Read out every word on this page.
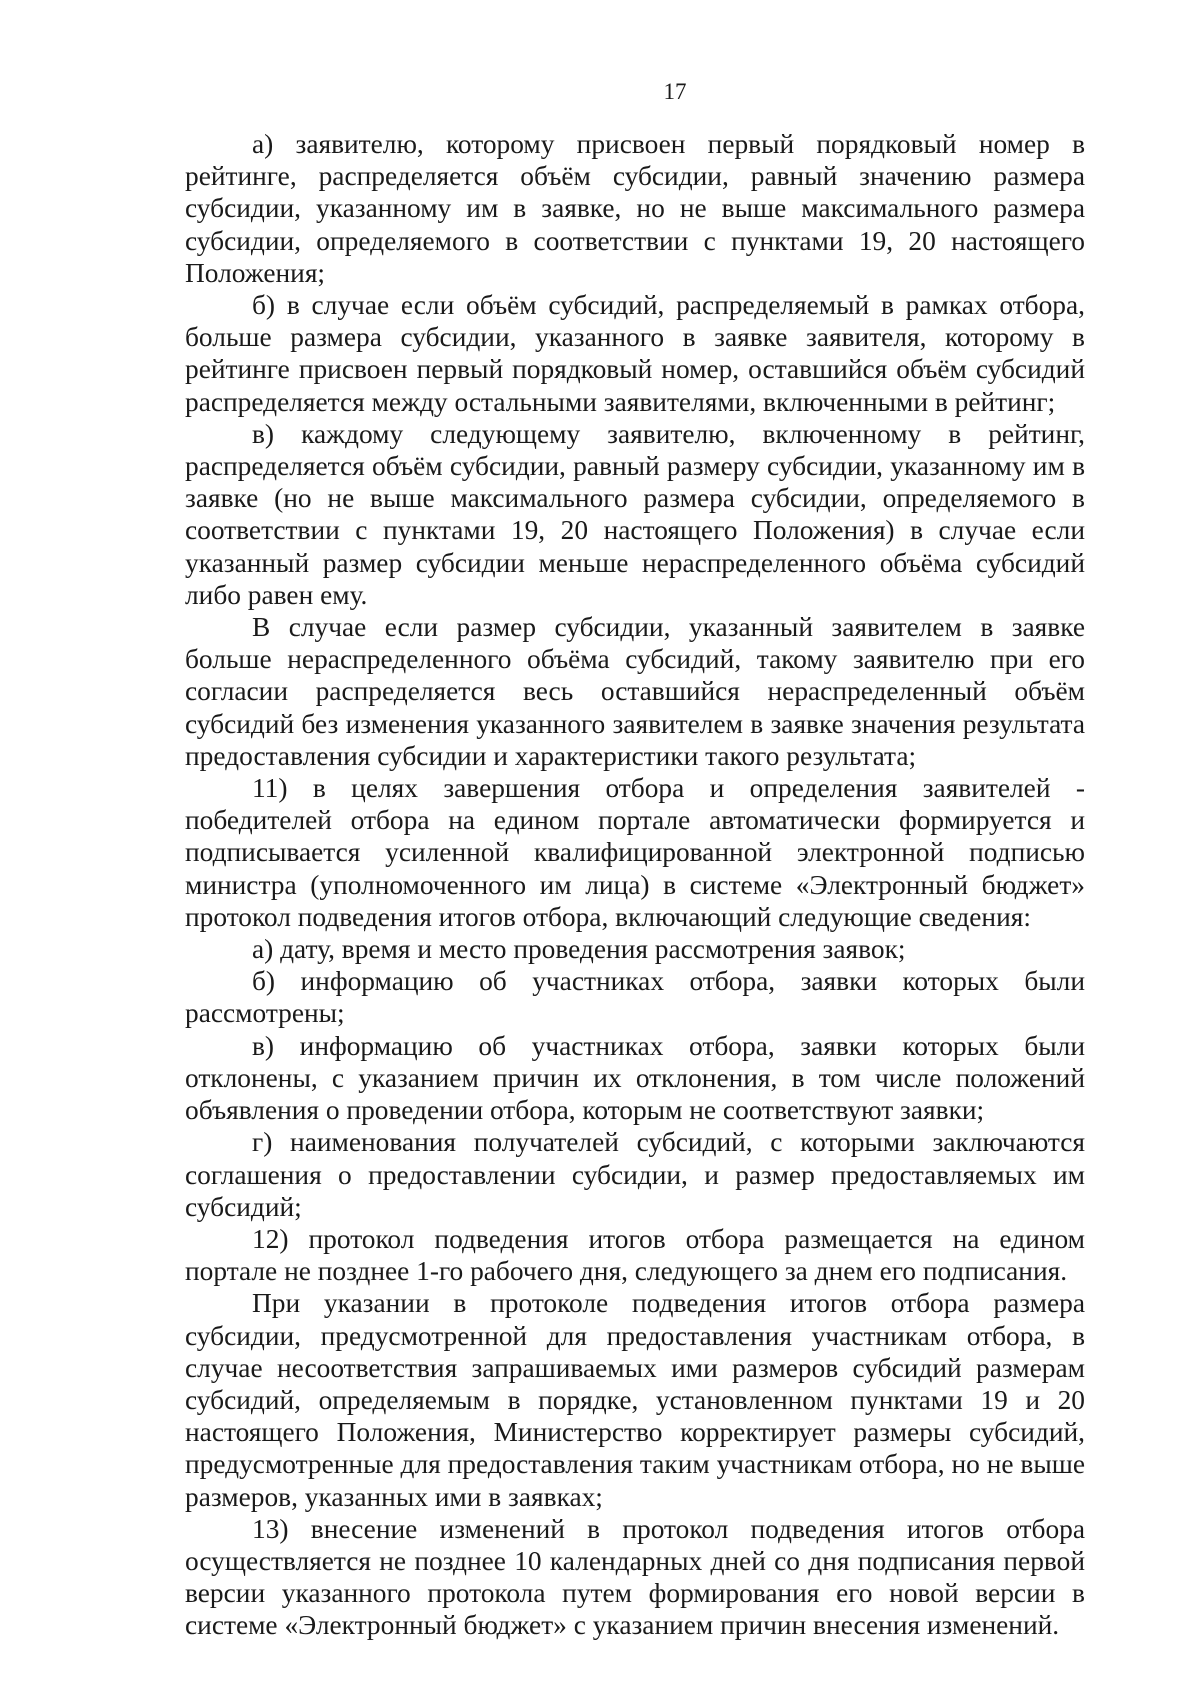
17

а) заявителю, которому присвоен первый порядковый номер в рейтинге, распределяется объём субсидии, равный значению размера субсидии, указанному им в заявке, но не выше максимального размера субсидии, определяемого в соответствии с пунктами 19, 20 настоящего Положения;

б) в случае если объём субсидий, распределяемый в рамках отбора, больше размера субсидии, указанного в заявке заявителя, которому в рейтинге присвоен первый порядковый номер, оставшийся объём субсидий распределяется между остальными заявителями, включенными в рейтинг;

в) каждому следующему заявителю, включенному в рейтинг, распределяется объём субсидии, равный размеру субсидии, указанному им в заявке (но не выше максимального размера субсидии, определяемого в соответствии с пунктами 19, 20 настоящего Положения) в случае если указанный размер субсидии меньше нераспределенного объёма субсидий либо равен ему.

В случае если размер субсидии, указанный заявителем в заявке больше нераспределенного объёма субсидий, такому заявителю при его согласии распределяется весь оставшийся нераспределенный объём субсидий без изменения указанного заявителем в заявке значения результата предоставления субсидии и характеристики такого результата;

11) в целях завершения отбора и определения заявителей - победителей отбора на едином портале автоматически формируется и подписывается усиленной квалифицированной электронной подписью министра (уполномоченного им лица) в системе «Электронный бюджет» протокол подведения итогов отбора, включающий следующие сведения:

а) дату, время и место проведения рассмотрения заявок;

б) информацию об участниках отбора, заявки которых были рассмотрены;

в) информацию об участниках отбора, заявки которых были отклонены, с указанием причин их отклонения, в том числе положений объявления о проведении отбора, которым не соответствуют заявки;

г) наименования получателей субсидий, с которыми заключаются соглашения о предоставлении субсидии, и размер предоставляемых им субсидий;

12) протокол подведения итогов отбора размещается на едином портале не позднее 1-го рабочего дня, следующего за днем его подписания.

При указании в протоколе подведения итогов отбора размера субсидии, предусмотренной для предоставления участникам отбора, в случае несоответствия запрашиваемых ими размеров субсидий размерам субсидий, определяемым в порядке, установленном пунктами 19 и 20 настоящего Положения, Министерство корректирует размеры субсидий, предусмотренные для предоставления таким участникам отбора, но не выше размеров, указанных ими в заявках;

13) внесение изменений в протокол подведения итогов отбора осуществляется не позднее 10 календарных дней со дня подписания первой версии указанного протокола путем формирования его новой версии в системе «Электронный бюджет» с указанием причин внесения изменений.
